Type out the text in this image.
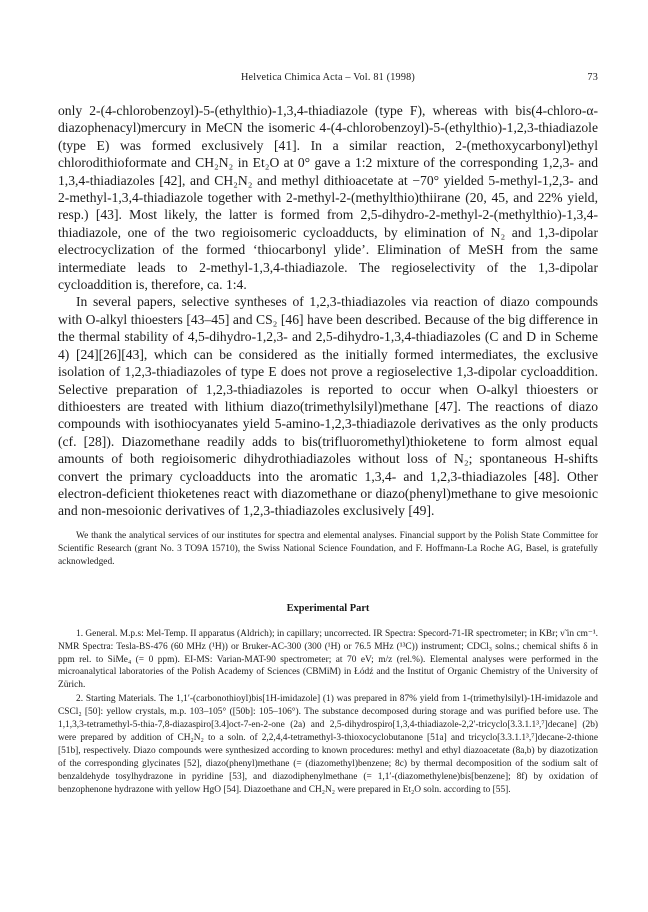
Helvetica Chimica Acta – Vol. 81 (1998)	73

only 2-(4-chlorobenzoyl)-5-(ethylthio)-1,3,4-thiadiazole (type F), whereas with bis(4-chloro-α-diazophenacyl)mercury in MeCN the isomeric 4-(4-chlorobenzoyl)-5-(ethylthio)-1,2,3-thiadiazole (type E) was formed exclusively [41]. In a similar reaction, 2-(methoxycarbonyl)ethyl chlorodithioformate and CH₂N₂ in Et₂O at 0° gave a 1:2 mixture of the corresponding 1,2,3- and 1,3,4-thiadiazoles [42], and CH₂N₂ and methyl dithioacetate at −70° yielded 5-methyl-1,2,3- and 2-methyl-1,3,4-thiadiazole together with 2-methyl-2-(methylthio)thiirane (20, 45, and 22% yield, resp.) [43]. Most likely, the latter is formed from 2,5-dihydro-2-methyl-2-(methylthio)-1,3,4-thiadiazole, one of the two regioisomeric cycloadducts, by elimination of N₂ and 1,3-dipolar electrocyclization of the formed ‘thiocarbonyl ylide’. Elimination of MeSH from the same intermediate leads to 2-methyl-1,3,4-thiadiazole. The regioselectivity of the 1,3-dipolar cycloaddition is, therefore, ca. 1:4.

In several papers, selective syntheses of 1,2,3-thiadiazoles via reaction of diazo compounds with O-alkyl thioesters [43–45] and CS₂ [46] have been described. Because of the big difference in the thermal stability of 4,5-dihydro-1,2,3- and 2,5-dihydro-1,3,4-thiadiazoles (C and D in Scheme 4) [24][26][43], which can be considered as the initially formed intermediates, the exclusive isolation of 1,2,3-thiadiazoles of type E does not prove a regioselective 1,3-dipolar cycloaddition. Selective preparation of 1,2,3-thiadiazoles is reported to occur when O-alkyl thioesters or dithioesters are treated with lithium diazo(trimethylsilyl)methane [47]. The reactions of diazo compounds with isothiocyanates yield 5-amino-1,2,3-thiadiazole derivatives as the only products (cf. [28]). Diazomethane readily adds to bis(trifluoromethyl)thioketene to form almost equal amounts of both regioisomeric dihydrothiadiazoles without loss of N₂; spontaneous H-shifts convert the primary cycloadducts into the aromatic 1,3,4- and 1,2,3-thiadiazoles [48]. Other electron-deficient thioketenes react with diazomethane or diazo(phenyl)methane to give mesoionic and non-mesoionic derivatives of 1,2,3-thiadiazoles exclusively [49].

We thank the analytical services of our institutes for spectra and elemental analyses. Financial support by the Polish State Committee for Scientific Research (grant No. 3 TO9A 15710), the Swiss National Science Foundation, and F. Hoffmann-La Roche AG, Basel, is gratefully acknowledged.
Experimental Part

1. General. M.p.s: Mel-Temp. II apparatus (Aldrich); in capillary; uncorrected. IR Spectra: Specord-71-IR spectrometer; in KBr; ν̃ in cm⁻¹. NMR Spectra: Tesla-BS-476 (60 MHz (¹H)) or Bruker-AC-300 (300 (¹H) or 76.5 MHz (¹³C)) instrument; CDCl₃ solns.; chemical shifts δ in ppm rel. to SiMe₄ (= 0 ppm). EI-MS: Varian-MAT-90 spectrometer; at 70 eV; m/z (rel.%). Elemental analyses were performed in the microanalytical laboratories of the Polish Academy of Sciences (CBMiM) in Łódź and the Institut of Organic Chemistry of the University of Zürich.

2. Starting Materials. The 1,1′-(carbonothioyl)bis[1H-imidazole] (1) was prepared in 87% yield from 1-(trimethylsilyl)-1H-imidazole and CSCl₂ [50]: yellow crystals, m.p. 103–105° ([50b]: 105–106°). The substance decomposed during storage and was purified before use. The 1,1,3,3-tetramethyl-5-thia-7,8-diazaspiro[3.4]oct-7-en-2-one (2a) and 2,5-dihydrospiro[1,3,4-thiadiazole-2,2′-tricyclo[3.3.1.1³,⁷]decane] (2b) were prepared by addition of CH₂N₂ to a soln. of 2,2,4,4-tetramethyl-3-thioxocyclobutanone [51a] and tricyclo[3.3.1.1³,⁷]decane-2-thione [51b], respectively. Diazo compounds were synthesized according to known procedures: methyl and ethyl diazoacetate (8a,b) by diazotization of the corresponding glycinates [52], diazo(phenyl)methane (= (diazomethyl)benzene; 8c) by thermal decomposition of the sodium salt of benzaldehyde tosylhydrazone in pyridine [53], and diazodiphenylmethane (= 1,1′-(diazomethylene)bis[benzene]; 8f) by oxidation of benzophenone hydrazone with yellow HgO [54]. Diazoethane and CH₂N₂ were prepared in Et₂O soln. according to [55].
